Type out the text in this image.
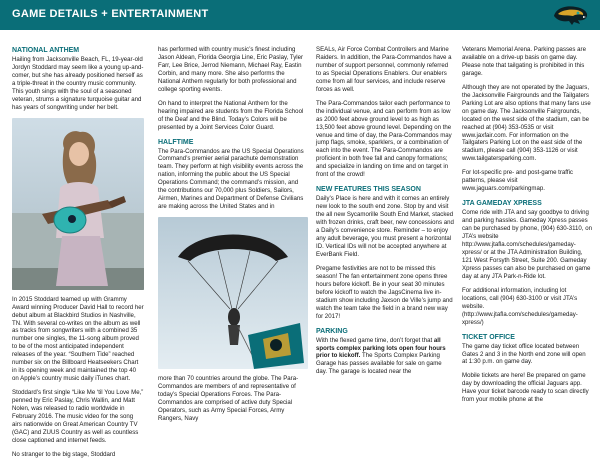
GAME DETAILS + ENTERTAINMENT
NATIONAL ANTHEM

Hailing from Jacksonville Beach, FL, 19-year-old Jordyn Stoddard may seem like a young up-and-comer, but she has already positioned herself as a triple-threat in the country music community. This youth sings with the soul of a seasoned veteran, strums a signature turquoise guitar and has years of songwriting under her belt.

In 2015 Stoddard teamed up with Grammy Award winning Producer David Hall to record her debut album at Blackbird Studios in Nashville, TN. With several co-writes on the album as well as tracks from songwriters with a combined 35 number one singles, the 11-song album proved to be of the most anticipated independent releases of the year. “Southern Tide” reached number six on the Billboard Heatseekers Chart in its opening week and maintained the top 40 on Apple’s country music daily iTunes chart.

Stoddard’s first single “Like Me ‘til You Love Me,” penned by Eric Paslay, Chris Wallin, and Matt Nolen, was released to radio worldwide in February 2016. The music video for the song airs nationwide on Great American Country TV (GAC) and ZUUS Country as well as countless close captioned and internet feeds.

No stranger to the big stage, Stoddard

has performed with country music’s finest including Jason Aldean, Florida Georgia Line, Eric Paslay, Tyler Farr, Lee Brice, Jerrod Niemann, Michael Ray, Eastin Corbin, and many more. She also performs the National Anthem regularly for both professional and college sporting events.

On hand to interpret the National Anthem for the hearing impaired are students from the Florida School of the Deaf and the Blind. Today’s Colors will be presented by a Joint Services Color Guard.

HALFTIME

The Para-Commandos are the US Special Operations Command’s premier aerial parachute demonstration team. They perform at high visibility events across the nation, informing the public about the US Special Operations Command; the command’s mission, and the contributions our 70,000 plus Soldiers, Sailors, Airmen, Marines and Department of Defense Civilians are making across the United States and in

more than 70 countries around the globe. The Para-Commandos are members of and representative of today’s Special Operations Forces. The Para-Commandos are comprised of active duty Special Operators, such as Army Special Forces, Army Rangers, Navy

SEALs, Air Force Combat Controllers and Marine Raiders. In addition, the Para-Commandos have a number of support personnel, commonly referred to as Special Operations Enablers. Our enablers come from all four services, and include reserve forces as well.

The Para-Commandos tailor each performance to the individual venue, and can perform from as low as 2000 feet above ground level to as high as 13,500 feet above ground level. Depending on the venue and time of day, the Para-Commandos may jump flags, smoke, sparklers, or a combination of each into the event. The Para-Commandos are proficient in both free fall and canopy formations; and specialize in landing on time and on target in front of the crowd!

NEW FEATURES THIS SEASON

Daily’s Place is here and with it comes an entirely new look to the south end zone. Stop by and visit the all new Sycamorille South End Market, stacked with frozen drinks, craft beer, new concessions and a Daily’s convenience store. Reminder – to enjoy any adult beverage, you must present a horizontal ID. Vertical IDs will not be accepted anywhere at EverBank Field.

Pregame festivities are not to be missed this season! The fan entertainment zone opens three hours before kickoff. Be in your seat 30 minutes before kickoff to watch the JagsCinema live in-stadium show including Jaxson de Ville’s jump and watch the team take the field in a brand new way for 2017!

PARKING

With the flexed game time, don’t forget that all sports complex parking lots open four hours prior to kickoff. The Sports Complex Parking Garage has passes available for sale on game day. The garage is located near the

Veterans Memorial Arena. Parking passes are available on a drive-up basis on game day. Please note that tailgating is prohibited in this garage.

Although they are not operated by the Jaguars, the Jacksonville Fairgrounds and the Tailgaters Parking Lot are also options that many fans use on game day. The Jacksonville Fairgrounds, located on the west side of the stadium, can be reached at (904) 353-0535 or visit www.jaxfair.com. For information on the Tailgaters Parking Lot on the east side of the stadium, please call (904) 353-1126 or visit www.tailgatersparking.com.

For lot-specific pre- and post-game traffic patterns, please visit www.jaguars.com/parkingmap.

JTA GAMEDAY XPRESS

Come ride with JTA and say goodbye to driving and parking hassles. Gameday Xpress passes can be purchased by phone, (904) 630-3110, on JTA’s website http://www.jtafla.com/schedules/gameday-xpress/ or at the JTA Administration Building, 121 West Forsyth Street, Suite 200. Gameday Xpress passes can also be purchased on game day at any JTA Park-n-Ride lot.

For additional information, including lot locations, call (904) 630-3100 or visit JTA’s website. (http://www.jtafla.com/schedules/gameday-xpress/)

TICKET OFFICE

The game day ticket office located between Gates 2 and 3 in the North end zone will open at 1:30 p.m. on game day.

Mobile tickets are here! Be prepared on game day by downloading the official Jaguars app. Have your ticket barcode ready to scan directly from your mobile phone at the
